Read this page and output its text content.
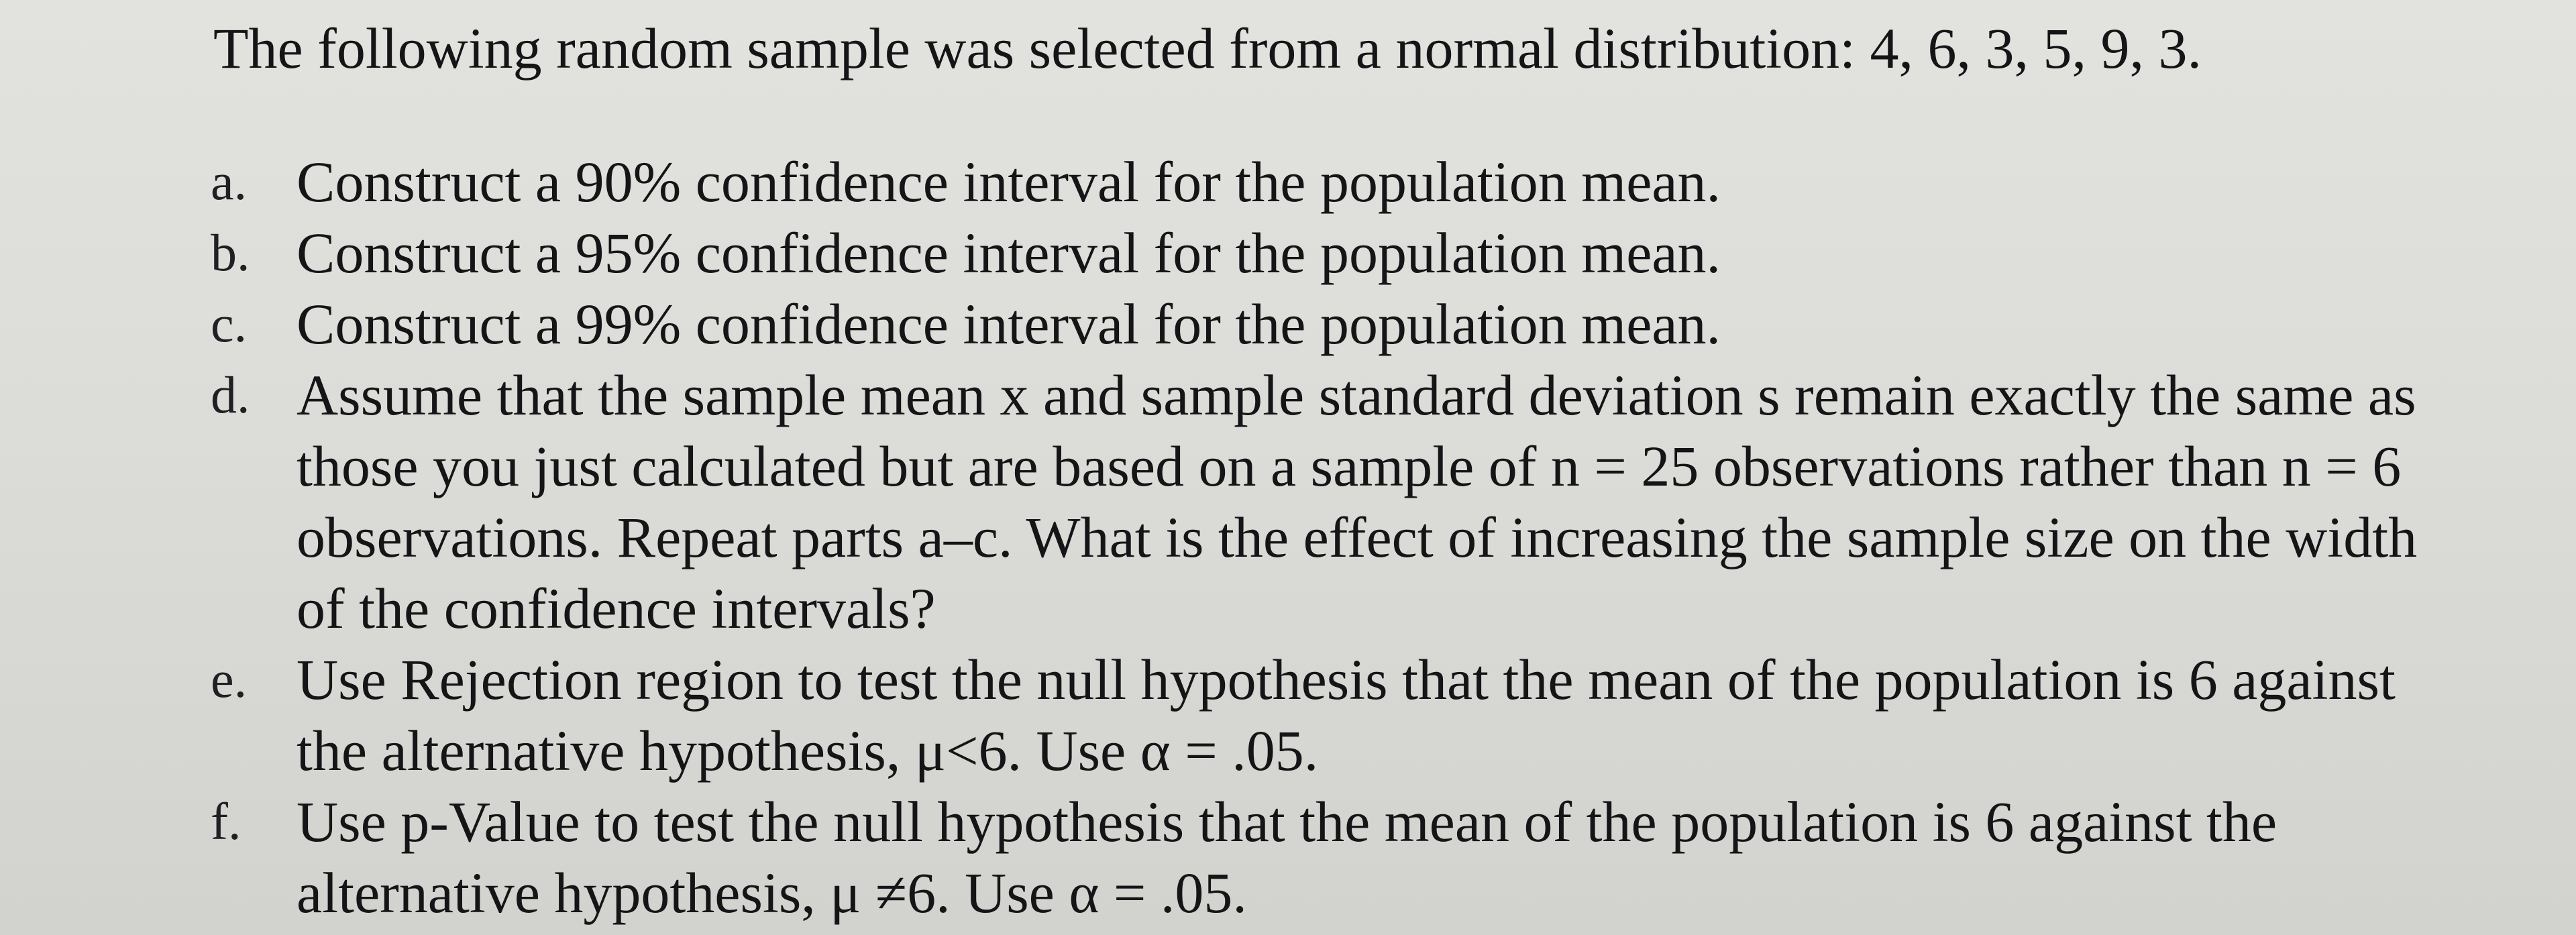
The following random sample was selected from a normal distribution: 4, 6, 3, 5, 9, 3.

a. Construct a 90% confidence interval for the population mean.
b. Construct a 95% confidence interval for the population mean.
c. Construct a 99% confidence interval for the population mean.
d. Assume that the sample mean x and sample standard deviation s remain exactly the same as
those you just calculated but are based on a sample of n = 25 observations rather than n = 6
observations. Repeat parts a–c. What is the effect of increasing the sample size on the width
of the confidence intervals?
e. Use Rejection region to test the null hypothesis that the mean of the population is 6 against
the alternative hypothesis, μ<6. Use α = .05.
f. Use p-Value to test the null hypothesis that the mean of the population is 6 against the
alternative hypothesis, μ ≠6. Use α = .05.
